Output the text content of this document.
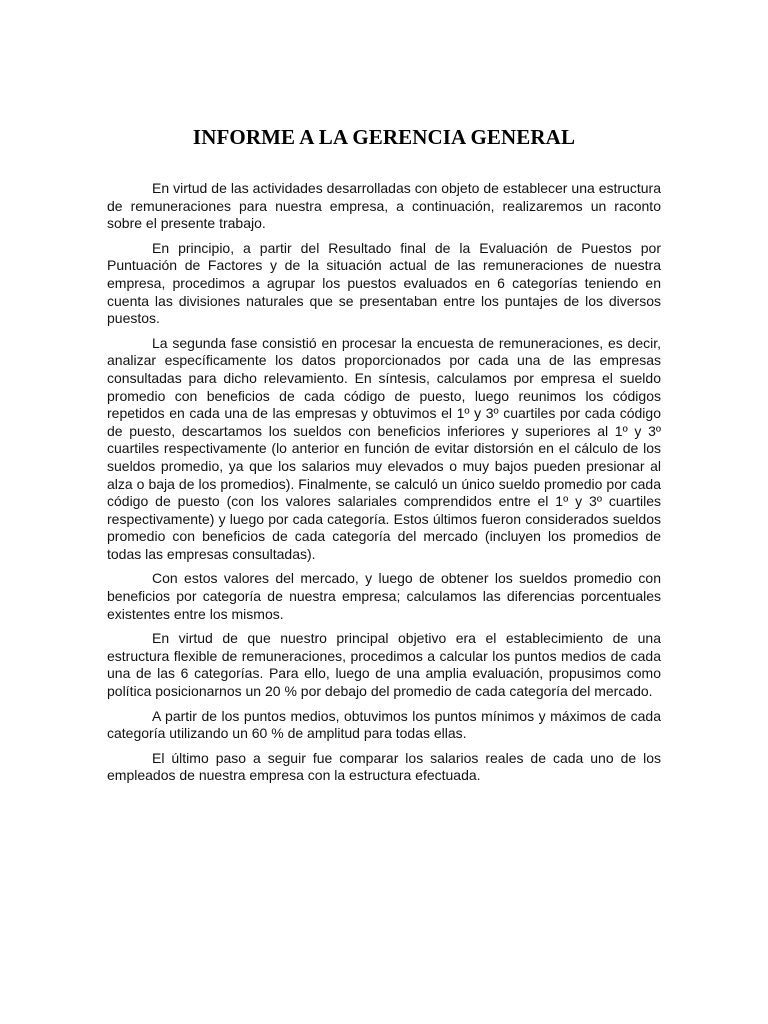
INFORME A LA GERENCIA GENERAL

En virtud de las actividades desarrolladas con objeto de establecer una estructura de remuneraciones para nuestra empresa, a continuación, realizaremos un raconto sobre el presente trabajo.

En principio, a partir del Resultado final de la Evaluación de Puestos por Puntuación de Factores y de la situación actual de las remuneraciones de nuestra empresa, procedimos a agrupar los puestos evaluados en 6 categorías teniendo en cuenta las divisiones naturales que se presentaban entre los puntajes de los diversos puestos.

La segunda fase consistió en procesar la encuesta de remuneraciones, es decir, analizar específicamente los datos proporcionados por cada una de las empresas consultadas para dicho relevamiento. En síntesis, calculamos por empresa el sueldo promedio con beneficios de cada código de puesto, luego reunimos los códigos repetidos en cada una de las empresas y obtuvimos el 1º y 3º cuartiles por cada código de puesto, descartamos los sueldos con beneficios inferiores y superiores al 1º y 3º cuartiles respectivamente (lo anterior en función de evitar distorsión en el cálculo de los sueldos promedio, ya que los salarios muy elevados o muy bajos pueden presionar al alza o baja de los promedios). Finalmente, se calculó un único sueldo promedio por cada código de puesto (con los valores salariales comprendidos entre el 1º y 3º cuartiles respectivamente) y luego por cada categoría. Estos últimos fueron considerados sueldos promedio con beneficios de cada categoría del mercado (incluyen los promedios de todas las empresas consultadas).

Con estos valores del mercado, y luego de obtener los sueldos promedio con beneficios por categoría de nuestra empresa; calculamos las diferencias porcentuales existentes entre los mismos.

En virtud de que nuestro principal objetivo era el establecimiento de una estructura flexible de remuneraciones, procedimos a calcular los puntos medios de cada una de las 6 categorías. Para ello, luego de una amplia evaluación, propusimos como política posicionarnos un 20 % por debajo del promedio de cada categoría del mercado.

A partir de los puntos medios, obtuvimos los puntos mínimos y máximos de cada categoría utilizando un 60 % de amplitud para todas ellas.

El último paso a seguir fue comparar los salarios reales de cada uno de los empleados de nuestra empresa con la estructura efectuada.
